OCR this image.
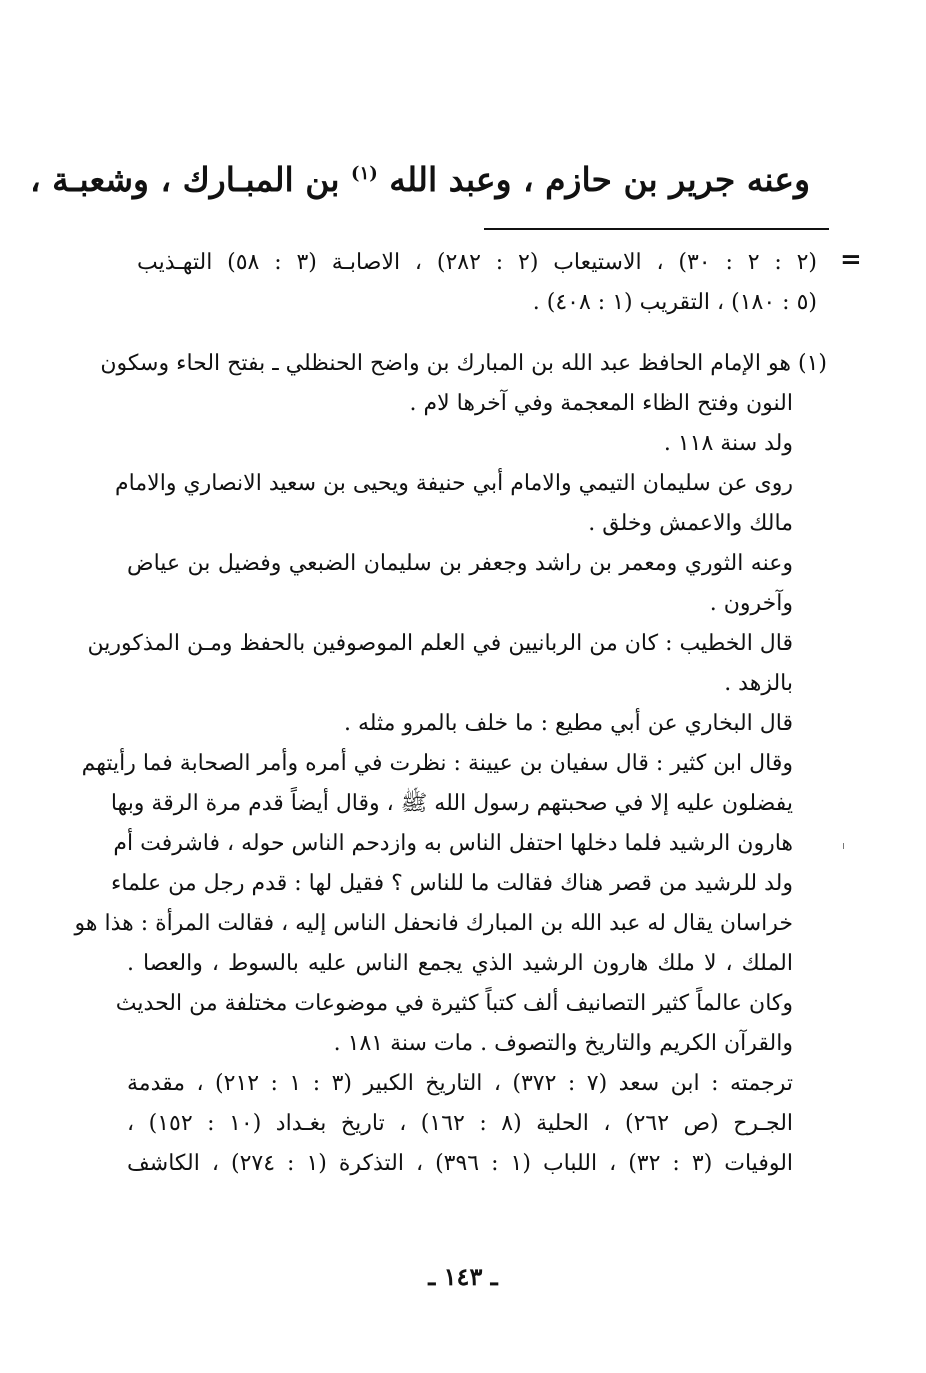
وعنه جرير بن حازم ، وعبد الله $^{(١)}$ بن المبـارك ، وشعبـة ،
=
(٢ : ٢ : ٣٠) ، الاستيعاب (٢ : ٢٨٢) ، الاصابـة (٣ : ٥٨) التهـذيب
(٥ : ١٨٠) ، التقريب (١ : ٤٠٨) .
(١) هو الإمام الحافظ عبد الله بن المبارك بن واضح الحنظلي ـ بفتح الحاء وسكون
النون وفتح الظاء المعجمة وفي آخرها لام .
ولد سنة ١١٨ .
روى عن سليمان التيمي والامام أبي حنيفة ويحيى بن سعيد الانصاري والامام
مالك والاعمش وخلق .
وعنه الثوري ومعمر بن راشد وجعفر بن سليمان الضبعي وفضيل بن عياض
وآخرون .
قال الخطيب : كان من الربانيين في العلم الموصوفين بالحفظ ومـن المذكورين
بالزهد .
قال البخاري عن أبي مطيع : ما خلف بالمرو مثله .
وقال ابن كثير : قال سفيان بن عيينة : نظرت في أمره وأمر الصحابة فما رأيتهم
يفضلون عليه إلا في صحبتهم رسول الله ﷺ ، وقال أيضاً قدم مرة الرقة وبها
هارون الرشيد فلما دخلها احتفل الناس به وازدحم الناس حوله ، فاشرفت أم
ولد للرشيد من قصر هناك فقالت ما للناس ؟ فقيل لها : قدم رجل من علماء
خراسان يقال له عبد الله بن المبارك فانحفل الناس إليه ، فقالت المرأة : هذا هو
الملك ، لا ملك هارون الرشيد الذي يجمع الناس عليه بالسوط ، والعصا .
وكان عالماً كثير التصانيف ألف كتباً كثيرة في موضوعات مختلفة من الحديث
والقرآن الكريم والتاريخ والتصوف . مات سنة ١٨١ .
ترجمته : ابن سعد (٧ : ٣٧٢) ، التاريخ الكبير (٣ : ١ : ٢١٢) ، مقدمة
الجـرح (ص ٢٦٢) ، الحلية (٨ : ١٦٢) ، تاريخ بغـداد (١٠ : ١٥٢) ،
الوفيات (٣ : ٣٢) ، اللباب (١ : ٣٩٦) ، التذكرة (١ : ٢٧٤) ، الكاشف
ـ ١٤٣ ـ
